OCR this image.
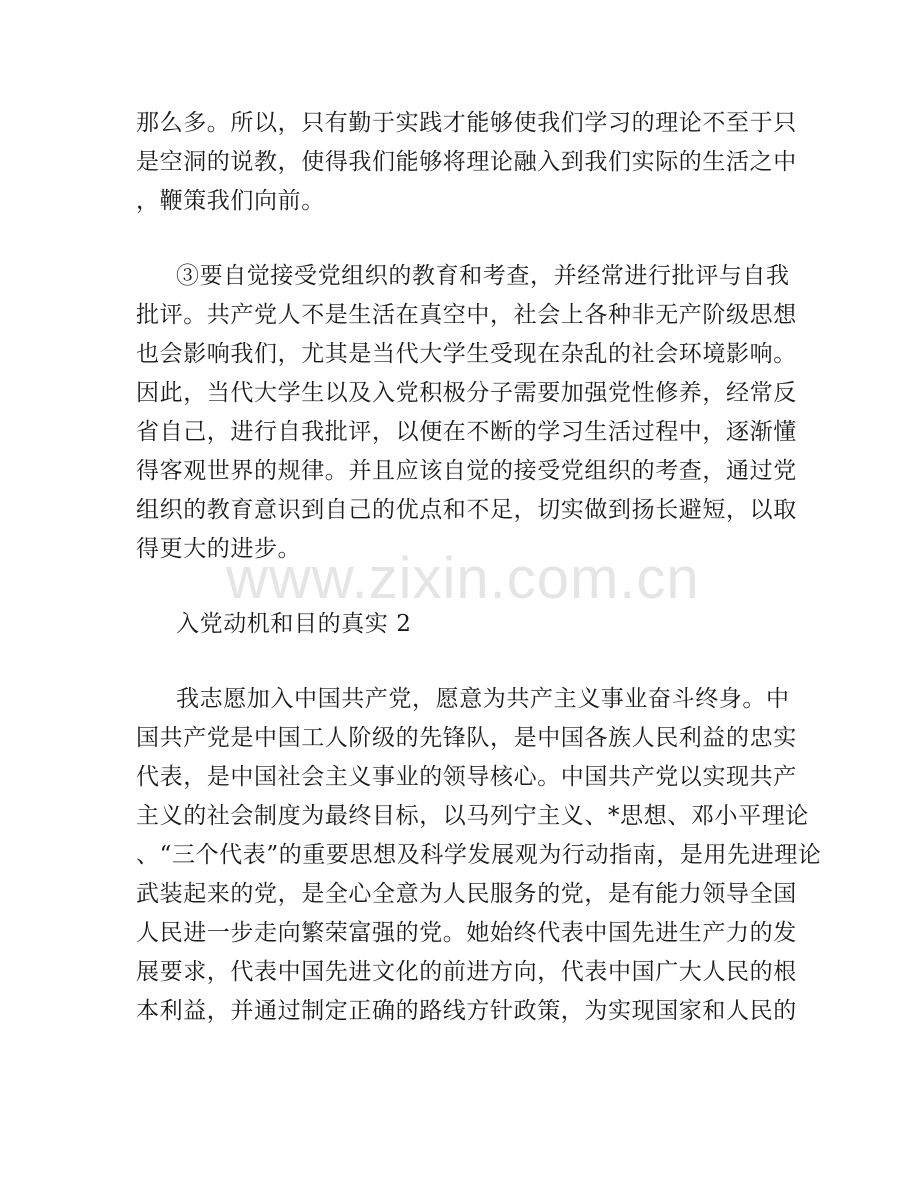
那么多。所以，只有勤于实践才能够使我们学习的理论不至于只
是空洞的说教，使得我们能够将理论融入到我们实际的生活之中
，鞭策我们向前。

③要自觉接受党组织的教育和考查，并经常进行批评与自我
批评。共产党人不是生活在真空中，社会上各种非无产阶级思想
也会影响我们，尤其是当代大学生受现在杂乱的社会环境影响。
因此，当代大学生以及入党积极分子需要加强党性修养，经常反
省自己，进行自我批评，以便在不断的学习生活过程中，逐渐懂
得客观世界的规律。并且应该自觉的接受党组织的考查，通过党
组织的教育意识到自己的优点和不足，切实做到扬长避短，以取
得更大的进步。

入党动机和目的真实 2

我志愿加入中国共产党，愿意为共产主义事业奋斗终身。中
国共产党是中国工人阶级的先锋队，是中国各族人民利益的忠实
代表，是中国社会主义事业的领导核心。中国共产党以实现共产
主义的社会制度为最终目标，以马列宁主义、*思想、邓小平理论
、“三个代表”的重要思想及科学发展观为行动指南，是用先进理论
武装起来的党，是全心全意为人民服务的党，是有能力领导全国
人民进一步走向繁荣富强的党。她始终代表中国先进生产力的发
展要求，代表中国先进文化的前进方向，代表中国广大人民的根
本利益，并通过制定正确的路线方针政策，为实现国家和人民的

www.zixin.com.cn
